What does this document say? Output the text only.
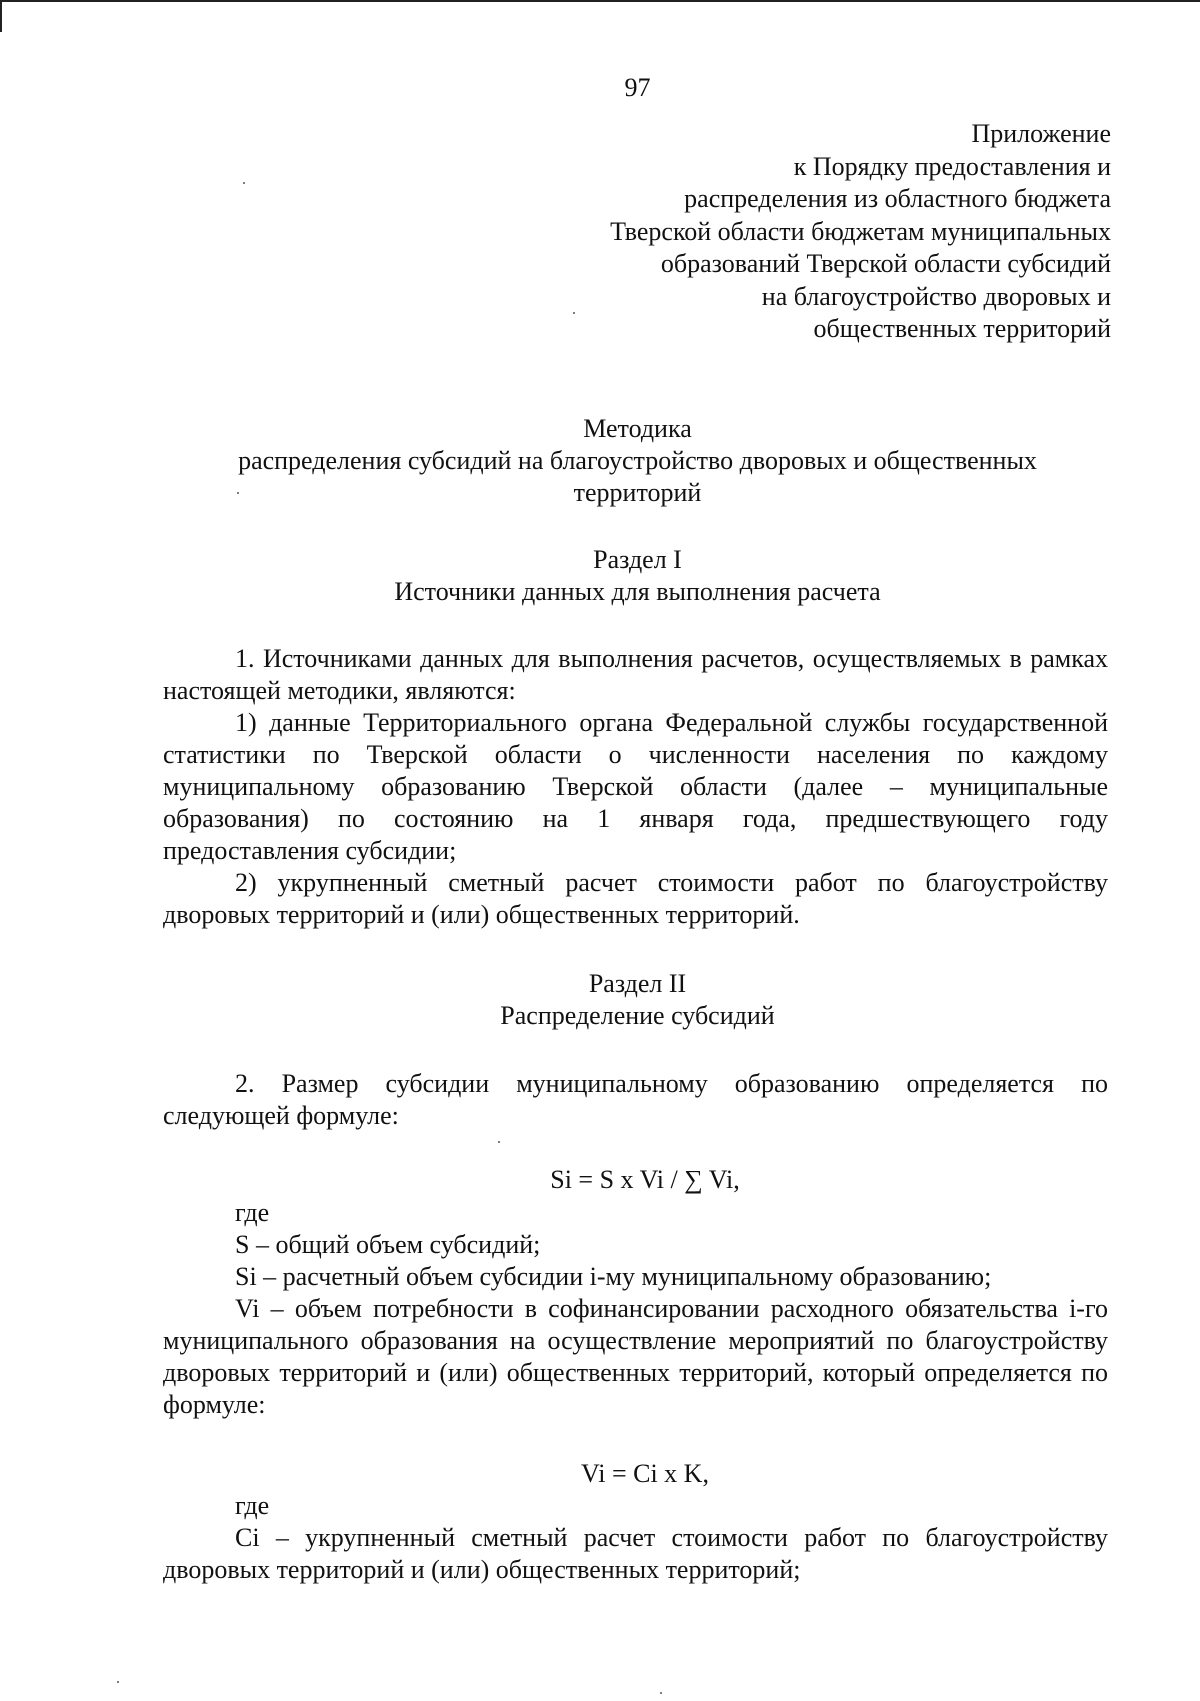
97
Приложение
к Порядку предоставления и
распределения из областного бюджета
Тверской области бюджетам муниципальных
образований Тверской области субсидий
на благоустройство дворовых и
общественных территорий
Методика
распределения субсидий на благоустройство дворовых и общественных
территорий
Раздел I
Источники данных для выполнения расчета

1. Источниками данных для выполнения расчетов, осуществляемых в рамках настоящей методики, являются:

1) данные Территориального органа Федеральной службы государственной статистики по Тверской области о численности населения по каждому муниципальному образованию Тверской области (далее – муниципальные образования) по состоянию на 1 января года, предшествующего году предоставления субсидии;

2) укрупненный сметный расчет стоимости работ по благоустройству дворовых территорий и (или) общественных территорий.

Раздел II
Распределение субсидий

2. Размер субсидии муниципальному образованию определяется по следующей формуле:

Si = S x Vi / ∑ Vi,

где

S – общий объем субсидий;

Si – расчетный объем субсидии i-му муниципальному образованию;

Vi – объем потребности в софинансировании расходного обязательства i-го муниципального образования на осуществление мероприятий по благоустройству дворовых территорий и (или) общественных территорий, который определяется по формуле:

Vi = Ci x K,

где

Ci – укрупненный сметный расчет стоимости работ по благоустройству дворовых территорий и (или) общественных территорий;
